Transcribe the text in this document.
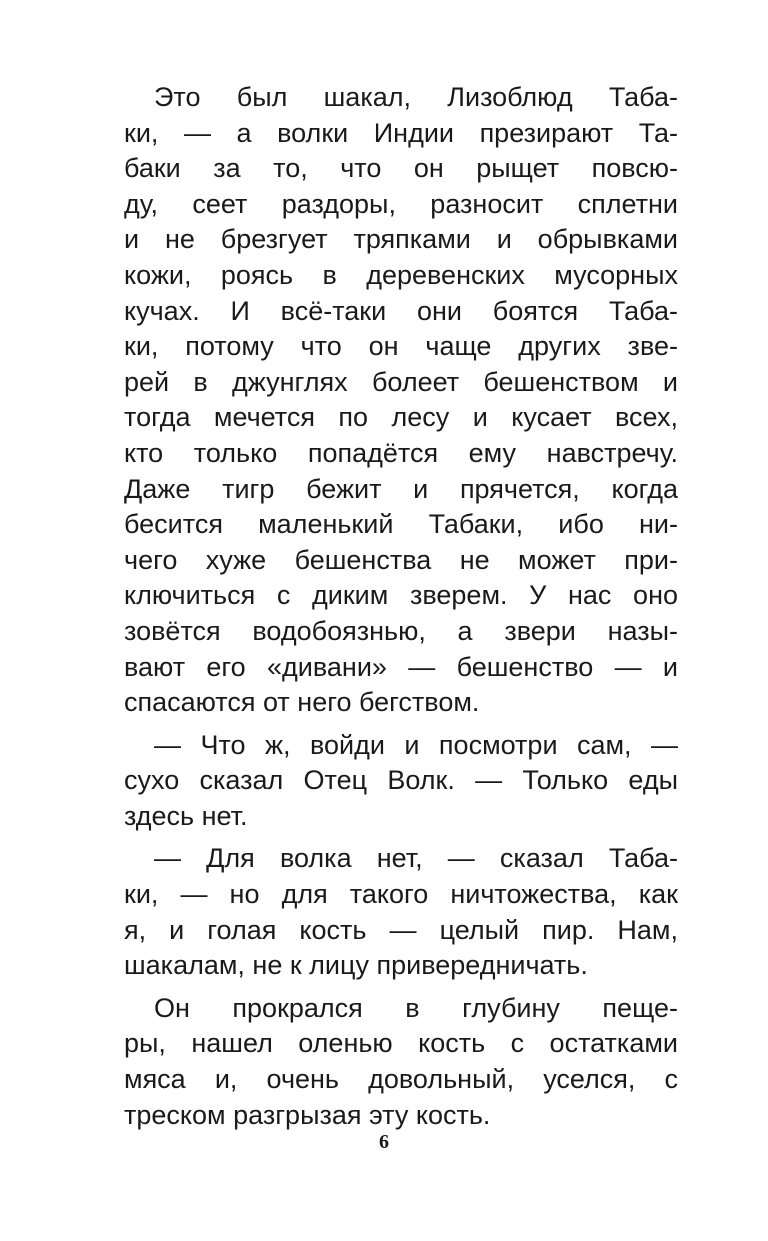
Это был шакал, Лизоблюд Таба-
ки, — а волки Индии презирают Та-
баки за то, что он рыщет повсю-
ду, сеет раздоры, разносит сплетни
и не брезгует тряпками и обрывками
кожи, роясь в деревенских мусорных
кучах. И всё-таки они боятся Таба-
ки, потому что он чаще других зве-
рей в джунглях болеет бешенством и
тогда мечется по лесу и кусает всех,
кто только попадётся ему навстречу.
Даже тигр бежит и прячется, когда
бесится маленький Табаки, ибо ни-
чего хуже бешенства не может при-
ключиться с диким зверем. У нас оно
зовётся водобоязнью, а звери назы-
вают его «дивани» — бешенство — и
спасаются от него бегством.
— Что ж, войди и посмотри сам, —
сухо сказал Отец Волк. — Только еды
здесь нет.
— Для волка нет, — сказал Таба-
ки, — но для такого ничтожества, как
я, и голая кость — целый пир. Нам,
шакалам, не к лицу привередничать.
Он прокрался в глубину пеще-
ры, нашел оленью кость с остатками
мяса и, очень довольный, уселся, с
треском разгрызая эту кость.
6
